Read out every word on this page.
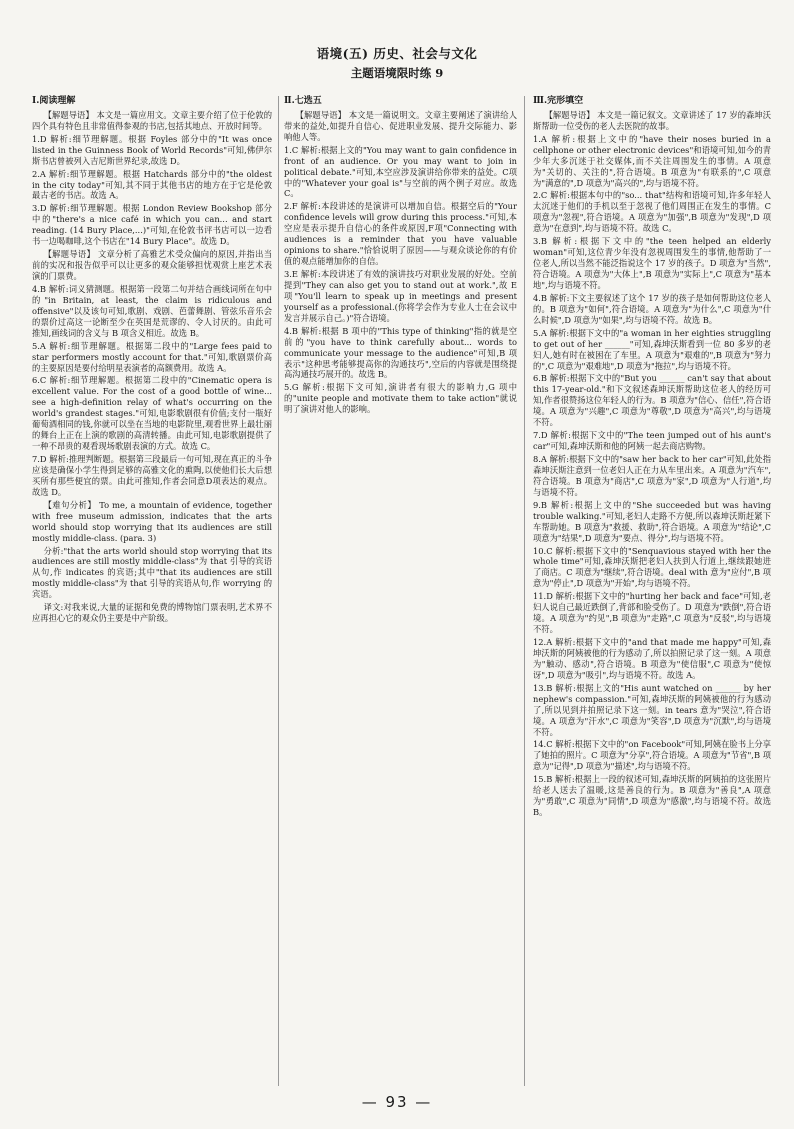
语境(五) 历史、社会与文化
主题语境限时练 9

Ⅰ.阅读理解

【解题导语】 本文是一篇应用文。文章主要介绍了位于伦敦的四个具有特色且非常值得参观的书店,包括其地点、开放时间等。

1.D 解析:细节理解题。根据 Foyles 部分中的"It was once listed in the Guinness Book of World Records"可知,佛伊尔斯书店曾被列入吉尼斯世界纪录,故选 D。

2.A 解析:细节理解题。根据 Hatchards 部分中的"the oldest in the city today"可知,其不同于其他书店的地方在于它是伦敦最古老的书店。故选 A。

3.D 解析:细节理解题。根据 London Review Bookshop 部分中的"there's a nice café in which you can... and start reading. (14 Bury Place,...)"可知,在伦敦书评书店可以一边看书一边喝咖啡,这个书店在"14 Bury Place"。故选 D。

【解题导语】 文章分析了高雅艺术受众偏向的原因,并指出当前的实况和报告似乎可以让更多的观众能够担忧观赏上座艺术表演的门票费。

4.B 解析:词义猜测题。根据第一段第二句并结合画线词所在句中的"in Britain, at least, the claim is ridiculous and offensive"以及该句可知,歌剧、戏剧、芭蕾舞剧、管弦乐音乐会的票价过高这一论断至少在英国是荒谬的、令人讨厌的。由此可推知,画线词的含义与 B 项含义相近。故选 B。

5.A 解析:细节理解题。根据第二段中的"Large fees paid to star performers mostly account for that."可知,歌剧票价高的主要原因是要付给明星表演者的高额费用。故选 A。

6.C 解析:细节理解题。根据第二段中的"Cinematic opera is excellent value. For the cost of a good bottle of wine... see a high-definition relay of what's occurring on the world's grandest stages."可知,电影歌剧很有价值;支付一瓶好葡萄酒相同的钱,你就可以坐在当地的电影院里,观看世界上最壮丽的舞台上正在上演的歌剧的高清转播。由此可知,电影歌剧提供了一种不昂贵的观看现场歌剧表演的方式。故选 C。

7.D 解析:推理判断题。根据第三段最后一句可知,现在真正的斗争应该是确保小学生得到足够的高雅文化的熏陶,以使他们长大后想买所有那些便宜的票。由此可推知,作者会同意D项表达的观点。故选 D。

【难句分析】 To me, a mountain of evidence, together with free museum admission, indicates that the arts world should stop worrying that its audiences are still mostly middle-class. (para. 3)

分析:"that the arts world should stop worrying that its audiences are still mostly middle-class"为 that 引导的宾语从句,作 indicates 的宾语;其中"that its audiences are still mostly middle-class"为 that 引导的宾语从句,作 worrying 的宾语。

译文:对我来说,大量的证据和免费的博物馆门票表明,艺术界不应再担心它的观众仍主要是中产阶级。

Ⅱ.七选五

【解题导语】 本文是一篇说明文。文章主要阐述了演讲给人带来的益处,如提升自信心、促进职业发展、提升交际能力、影响他人等。

1.C 解析:根据上文的"You may want to gain confidence in front of an audience. Or you may want to join in political debate."可知,本空应涉及演讲给你带来的益处。C项中的"Whatever your goal is"与空前的两个例子对应。故选 C。

2.F 解析:本段讲述的是演讲可以增加自信。根据空后的"Your confidence levels will grow during this process."可知,本空应是表示提升自信心的条件或原因,F项"Connecting with audiences is a reminder that you have valuable opinions to share."恰恰说明了原因——与观众谈论你的有价值的观点能增加你的自信。

3.E 解析:本段讲述了有效的演讲技巧对职业发展的好处。空前提到"They can also get you to stand out at work.",故 E 项"You'll learn to speak up in meetings and present yourself as a professional.(你将学会作为专业人士在会议中发言并展示自己。)"符合语境。

4.B 解析:根据 B 项中的"This type of thinking"指的就是空前的"you have to think carefully about... words to communicate your message to the audience"可知,B 项表示"这种思考能够提高你的沟通技巧",空后的内容就是围绕提高沟通技巧展开的。故选 B。

5.G 解析:根据下文可知,演讲者有很大的影响力,G 项中的"unite people and motivate them to take action"就说明了演讲对他人的影响。

Ⅲ.完形填空

【解题导语】 本文是一篇记叙文。文章讲述了 17 岁的森坤沃斯帮助一位受伤的老人去医院的故事。

1.A 解析:根据上文中的"have their noses buried in a cellphone or other electronic devices"和语境可知,如今的青少年大多沉迷于社交媒体,而不关注周围发生的事情。A 项意为"关切的、关注的",符合语境。B 项意为"有联系的",C 项意为"满意的",D 项意为"高兴的",均与语境不符。

2.C 解析:根据本句中的"so... that"结构和语境可知,许多年轻人太沉迷于他们的手机以至于忽视了他们周围正在发生的事情。C 项意为"忽视",符合语境。A 项意为"加强",B 项意为"发现",D 项意为"在意到",均与语境不符。故选 C。

3.B 解析:根据下文中的"the teen helped an elderly woman"可知,这位青少年没有忽视周围发生的事情,他帮助了一位老人,所以当然不能泛指说这个 17 岁的孩子。D 项意为"当然",符合语境。A 项意为"大体上",B 项意为"实际上",C 项意为"基本地",均与语境不符。

4.B 解析:下文主要叙述了这个 17 岁的孩子是如何帮助这位老人的。B 项意为"如何",符合语境。A 项意为"为什么",C 项意为"什么时候",D 项意为"如果",均与语境不符。故选 B。

5.A 解析:根据下文中的"a woman in her eighties struggling to get out of her ______"可知,森坤沃斯看到一位 80 多岁的老妇人,她有时在被困在了车里。A 项意为"艰难的",B 项意为"努力的",C 项意为"艰难地",D 项意为"拖拉",均与语境不符。

6.B 解析:根据下文中的"But you ______ can't say that about this 17-year-old."和下文叙述森坤沃斯帮助这位老人的经历可知,作者很赞扬这位年轻人的行为。B 项意为"信心、信任",符合语境。A 项意为"兴趣",C 项意为"尊敬",D 项意为"高兴",均与语境不符。

7.D 解析:根据下文中的"The teen jumped out of his aunt's car"可知,森坤沃斯和他的阿姨一起去商店购物。

8.A 解析:根据下文中的"saw her back to her car"可知,此处指森坤沃斯注意到一位老妇人正在力从车里出来。A 项意为"汽车",符合语境。B 项意为"商店",C 项意为"家",D 项意为"人行道",均与语境不符。

9.B 解析:根据上文中的"She succeeded but was having trouble walking."可知,老妇人走路不方便,所以森坤沃斯赶紧下车帮助她。B 项意为"救援、救助",符合语境。A 项意为"结论",C 项意为"结果",D 项意为"要点、得分",均与语境不符。

10.C 解析:根据下文中的"Senquavious stayed with her the whole time"可知,森坤沃斯把老妇人扶到人行道上,继续跟她进了商店。C 项意为"继续",符合语境。deal with 意为"应付",B 项意为"停止",D 项意为"开始",均与语境不符。

11.D 解析:根据下文中的"hurting her back and face"可知,老妇人说自己最近跌倒了,背部和脸受伤了。D 项意为"跌倒",符合语境。A 项意为"约见",B 项意为"走路",C 项意为"反驳",均与语境不符。

12.A 解析:根据下文中的"and that made me happy"可知,森坤沃斯的阿姨被他的行为感动了,所以拍照记录了这一刻。A 项意为"触动、感动",符合语境。B 项意为"使信服",C 项意为"使惊讶",D 项意为"吸引",均与语境不符。故选 A。

13.B 解析:根据上文的"His aunt watched on ______ by her nephew's compassion."可知,森坤沃斯的阿姨被他的行为感动了,所以见到并拍照记录下这一刻。in tears 意为"哭泣",符合语境。A 项意为"汗水",C 项意为"笑容",D 项意为"沉默",均与语境不符。

14.C 解析:根据下文中的"on Facebook"可知,阿姨在脸书上分享了她拍的照片。C 项意为"分享",符合语境。A 项意为"节省",B 项意为"记得",D 项意为"描述",均与语境不符。

15.B 解析:根据上一段的叙述可知,森坤沃斯的阿姨拍的这张照片给老人送去了温暖,这是善良的行为。B 项意为"善良",A 项意为"勇敢",C 项意为"同情",D 项意为"感激",均与语境不符。故选 B。

— 93 —
